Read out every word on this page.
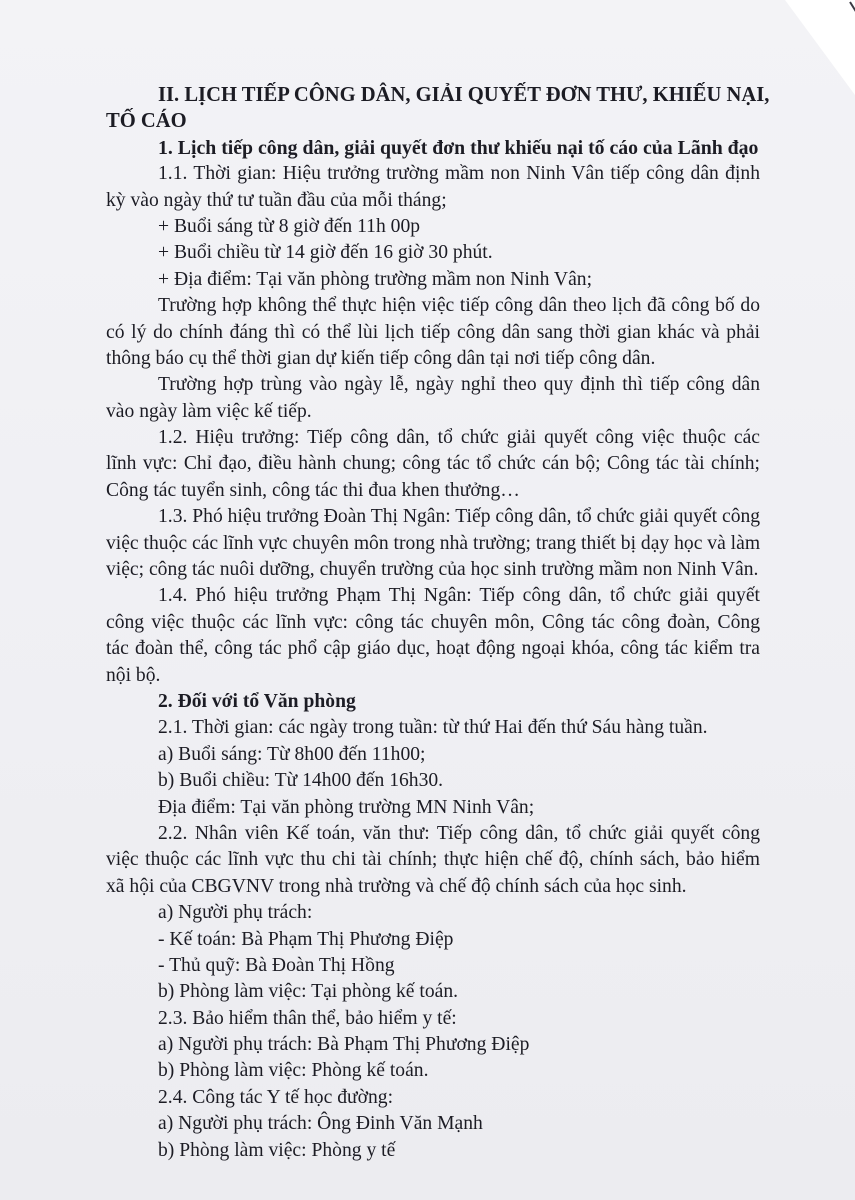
II. LỊCH TIẾP CÔNG DÂN, GIẢI QUYẾT ĐƠN THƯ, KHIẾU NẠI,
TỐ CÁO
1. Lịch tiếp công dân, giải quyết đơn thư khiếu nại tố cáo của Lãnh đạo
1.1. Thời gian: Hiệu trưởng trường mầm non Ninh Vân tiếp công dân định
kỳ vào ngày thứ tư tuần đầu của mỗi tháng;
+ Buổi sáng từ 8 giờ đến 11h 00p
+ Buổi chiều từ 14 giờ đến 16 giờ 30 phút.
+ Địa điểm: Tại văn phòng trường mầm non Ninh Vân;
Trường hợp không thể thực hiện việc tiếp công dân theo lịch đã công bố do
có lý do chính đáng thì có thể lùi lịch tiếp công dân sang thời gian khác và phải
thông báo cụ thể thời gian dự kiến tiếp công dân tại nơi tiếp công dân.
Trường hợp trùng vào ngày lễ, ngày nghỉ theo quy định thì tiếp công dân
vào ngày làm việc kế tiếp.
1.2. Hiệu trưởng: Tiếp công dân, tổ chức giải quyết công việc thuộc các
lĩnh vực: Chỉ đạo, điều hành chung; công tác tổ chức cán bộ; Công tác tài chính;
Công tác tuyển sinh, công tác thi đua khen thưởng…
1.3. Phó hiệu trưởng Đoàn Thị Ngân: Tiếp công dân, tổ chức giải quyết công
việc thuộc các lĩnh vực chuyên môn trong nhà trường; trang thiết bị dạy học và làm
việc; công tác nuôi dưỡng, chuyển trường của học sinh trường mầm non Ninh Vân.
1.4. Phó hiệu trưởng Phạm Thị Ngân: Tiếp công dân, tổ chức giải quyết
công việc thuộc các lĩnh vực: công tác chuyên môn, Công tác công đoàn, Công
tác đoàn thể, công tác phổ cập giáo dục, hoạt động ngoại khóa, công tác kiểm tra
nội bộ.
2. Đối với tổ Văn phòng
2.1. Thời gian: các ngày trong tuần: từ thứ Hai đến thứ Sáu hàng tuần.
a) Buổi sáng: Từ 8h00 đến 11h00;
b) Buổi chiều: Từ 14h00 đến 16h30.
Địa điểm: Tại văn phòng trường MN Ninh Vân;
2.2. Nhân viên Kế toán, văn thư: Tiếp công dân, tổ chức giải quyết công
việc thuộc các lĩnh vực thu chi tài chính; thực hiện chế độ, chính sách, bảo hiểm
xã hội của CBGVNV trong nhà trường và chế độ chính sách của học sinh.
a) Người phụ trách:
- Kế toán: Bà Phạm Thị Phương Điệp
- Thủ quỹ: Bà Đoàn Thị Hồng
b) Phòng làm việc: Tại phòng kế toán.
2.3. Bảo hiểm thân thể, bảo hiểm y tế:
a) Người phụ trách: Bà Phạm Thị Phương Điệp
b) Phòng làm việc: Phòng kế toán.
2.4. Công tác Y tế học đường:
a) Người phụ trách: Ông Đinh Văn Mạnh
b) Phòng làm việc: Phòng y tế
